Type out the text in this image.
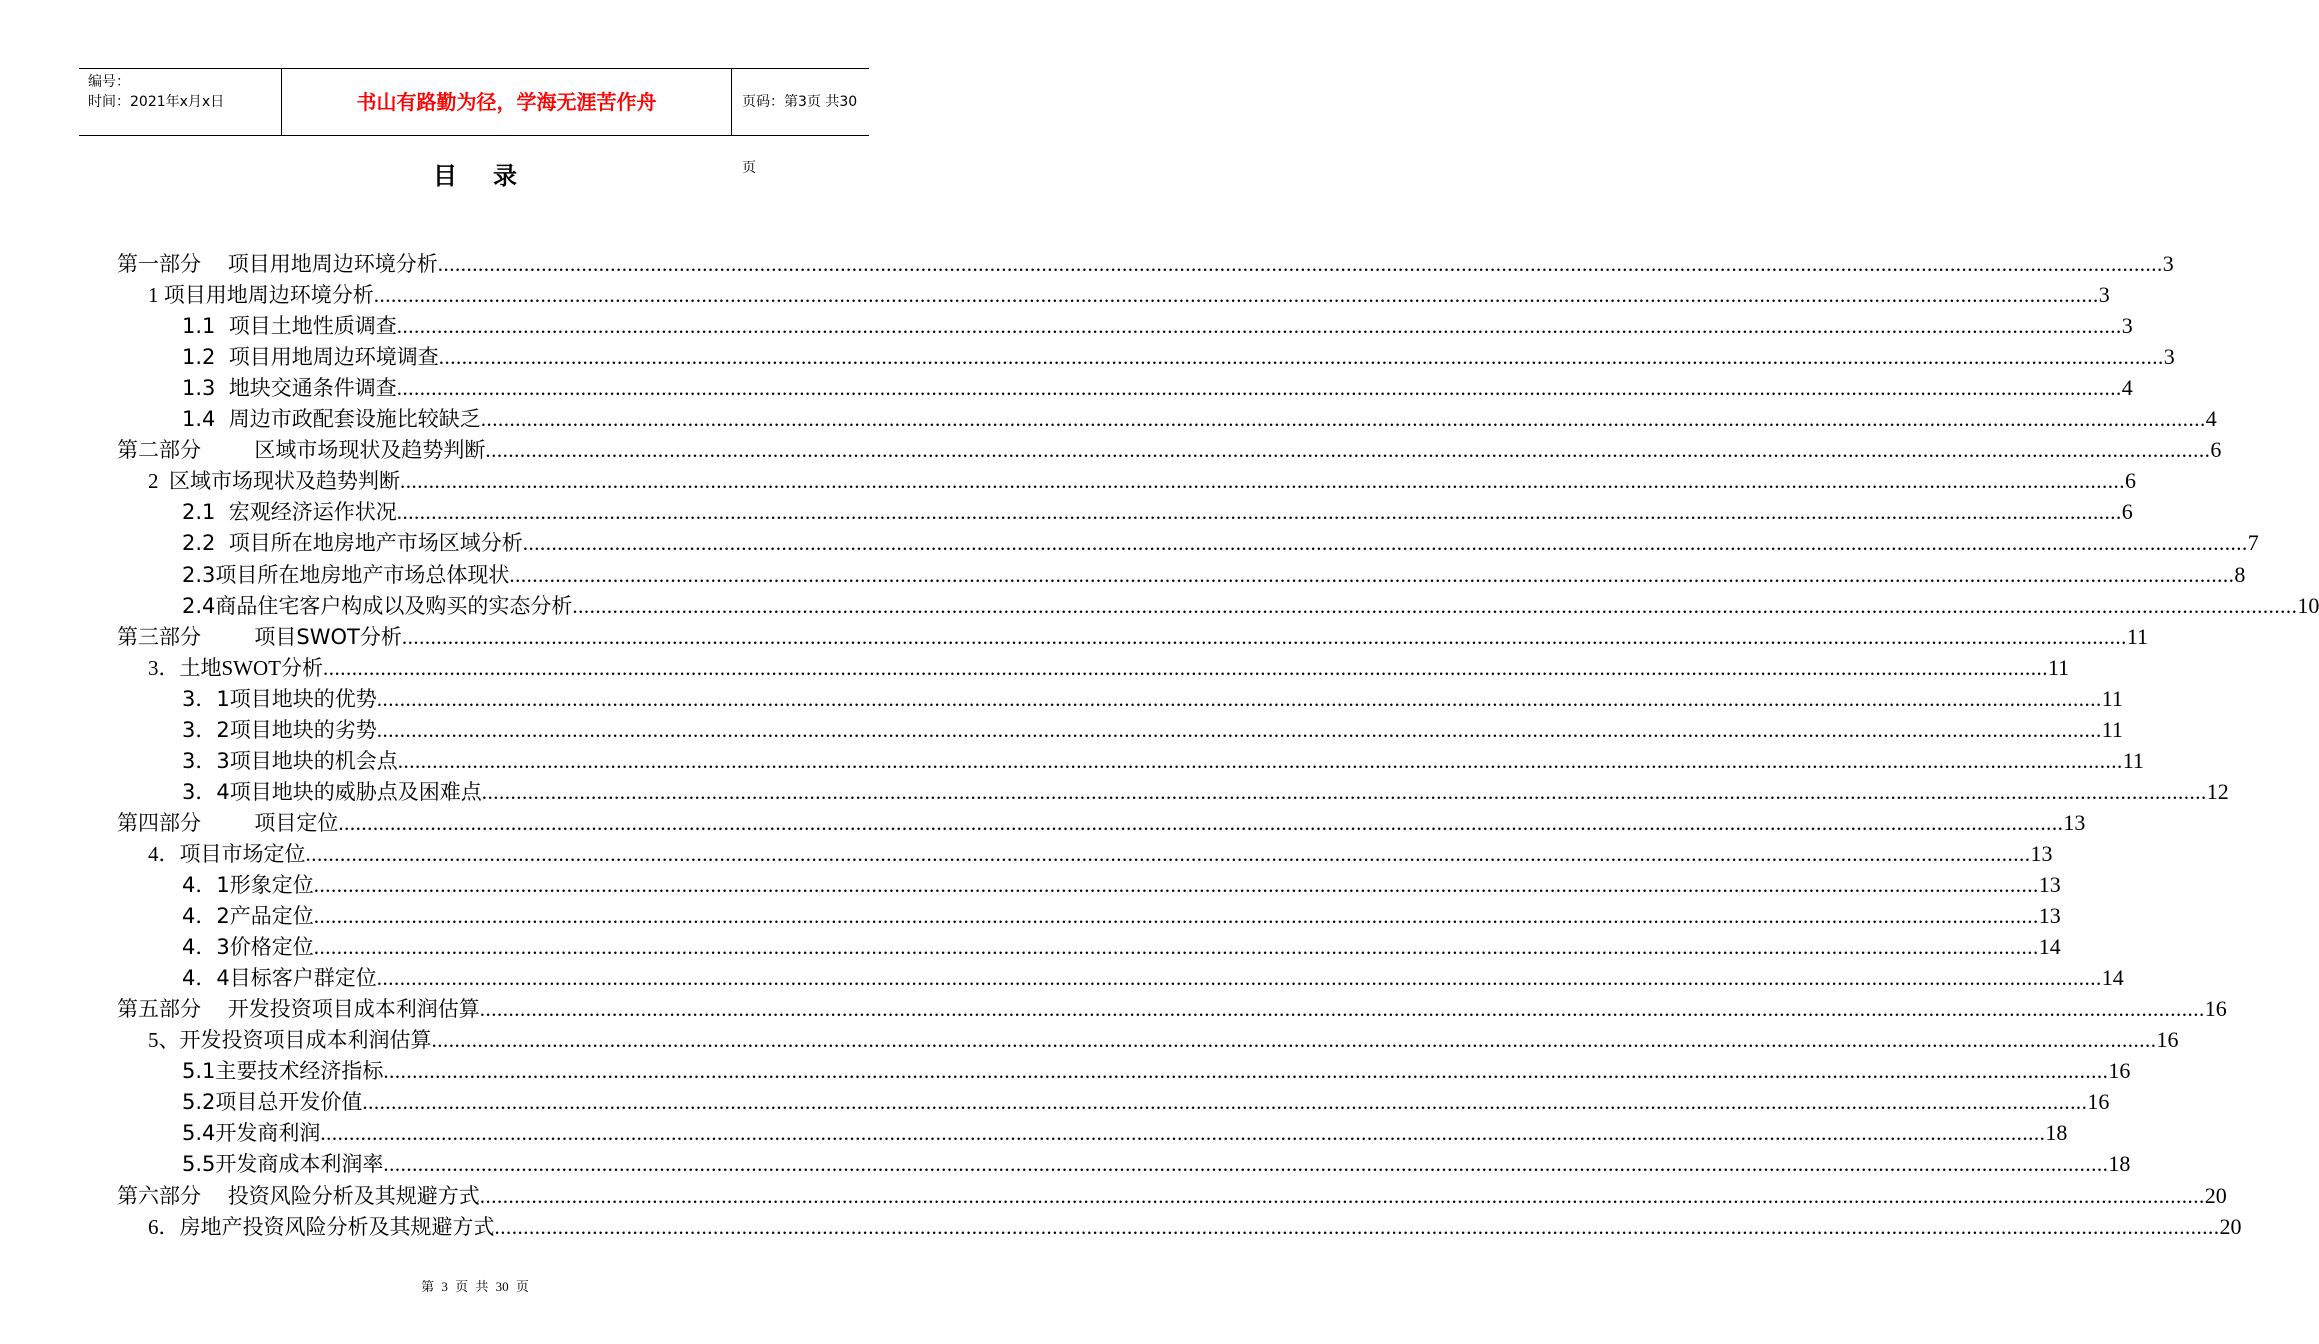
编号：
时间：2021年x月x日	书山有路勤为径，学海无涯苦作舟	页码：第3页 共30页
目录
第一部分    项目用地周边环境分析 ............................................................................................................................................................................................................................................................................................................ 3
1 项目用地周边环境分析 ............................................................................................................................................................................................................................................................................................................ 3
1.1  项目土地性质调查 ............................................................................................................................................................................................................................................................................................................ 3
1.2  项目用地周边环境调查 ............................................................................................................................................................................................................................................................................................................ 3
1.3  地块交通条件调查 ............................................................................................................................................................................................................................................................................................................ 4
1.4  周边市政配套设施比较缺乏 ............................................................................................................................................................................................................................................................................................................ 4
第二部分        区域市场现状及趋势判断 ............................................................................................................................................................................................................................................................................................................ 6
2  区域市场现状及趋势判断 ............................................................................................................................................................................................................................................................................................................ 6
2.1  宏观经济运作状况 ............................................................................................................................................................................................................................................................................................................ 6
2.2  项目所在地房地产市场区域分析 ............................................................................................................................................................................................................................................................................................................ 7
2.3项目所在地房地产市场总体现状 ............................................................................................................................................................................................................................................................................................................ 8
2.4商品住宅客户构成以及购买的实态分析 ............................................................................................................................................................................................................................................................................................................ 10
第三部分        项目SWOT分析 ............................................................................................................................................................................................................................................................................................................ 11
3．土地SWOT分析 ............................................................................................................................................................................................................................................................................................................ 11
3．1项目地块的优势 ............................................................................................................................................................................................................................................................................................................ 11
3．2项目地块的劣势 ............................................................................................................................................................................................................................................................................................................ 11
3．3项目地块的机会点 ............................................................................................................................................................................................................................................................................................................ 11
3．4项目地块的威胁点及困难点 ............................................................................................................................................................................................................................................................................................................ 12
第四部分        项目定位 ............................................................................................................................................................................................................................................................................................................ 13
4．项目市场定位 ............................................................................................................................................................................................................................................................................................................ 13
4．1形象定位 ............................................................................................................................................................................................................................................................................................................ 13
4．2产品定位 ............................................................................................................................................................................................................................................................................................................ 13
4．3价格定位 ............................................................................................................................................................................................................................................................................................................ 14
4．4目标客户群定位 ............................................................................................................................................................................................................................................................................................................ 14
第五部分    开发投资项目成本利润估算 ............................................................................................................................................................................................................................................................................................................ 16
5、开发投资项目成本利润估算 ............................................................................................................................................................................................................................................................................................................ 16
5.1主要技术经济指标 ............................................................................................................................................................................................................................................................................................................ 16
5.2项目总开发价值 ............................................................................................................................................................................................................................................................................................................ 16
5.4开发商利润 ............................................................................................................................................................................................................................................................................................................ 18
5.5开发商成本利润率 ............................................................................................................................................................................................................................................................................................................ 18
第六部分    投资风险分析及其规避方式 ............................................................................................................................................................................................................................................................................................................ 20
6．房地产投资风险分析及其规避方式 ............................................................................................................................................................................................................................................................................................................ 20
第 3 页 共 30 页
